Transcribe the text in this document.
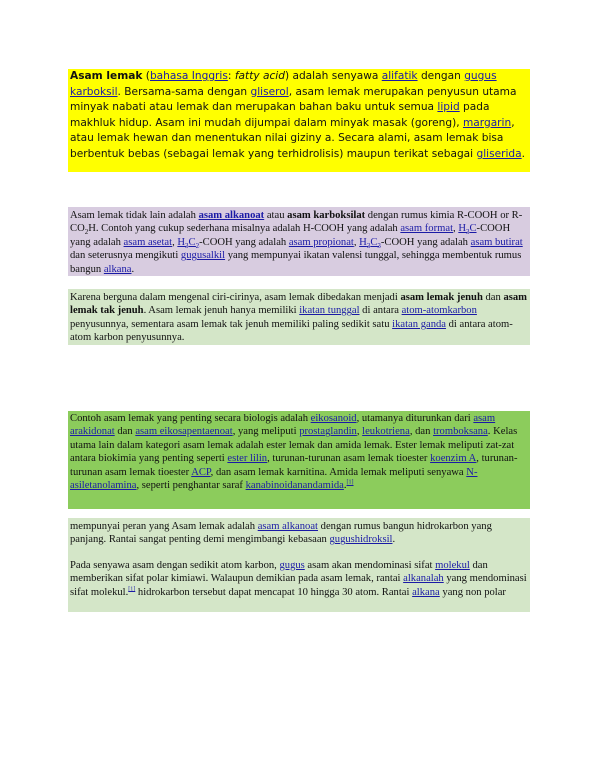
Asam lemak (bahasa Inggris: fatty acid) adalah senyawa alifatik dengan gugus karboksil. Bersama-sama dengan gliserol, asam lemak merupakan penyusun utama minyak nabati atau lemak dan merupakan bahan baku untuk semua lipid pada makhluk hidup. Asam ini mudah dijumpai dalam minyak masak (goreng), margarin, atau lemak hewan dan menentukan nilai giziny a. Secara alami, asam lemak bisa berbentuk bebas (sebagai lemak yang terhidrolisis) maupun terikat sebagai gliserida.
Asam lemak tidak lain adalah asam alkanoat atau asam karboksilat dengan rumus kimia R-COOH or $R-CO_2H$. Contoh yang cukup sederhana misalnya adalah H-COOH yang adalah asam format, $H_3C$-COOH yang adalah asam asetat, $H_3C_2$-COOH yang adalah asam propionat, $H_3C_3$-COOH yang adalah asam butirat dan seterusnya mengikuti gugusalkil yang mempunyai ikatan valensi tunggal, sehingga membentuk rumus bangun alkana.
Karena berguna dalam mengenal ciri-cirinya, asam lemak dibedakan menjadi asam lemak jenuh dan asam lemak tak jenuh. Asam lemak jenuh hanya memiliki ikatan tunggal di antara atom-atomkarbon penyusunnya, sementara asam lemak tak jenuh memiliki paling sedikit satu ikatan ganda di antara atom-atom karbon penyusunnya.
Contoh asam lemak yang penting secara biologis adalah eikosanoid, utamanya diturunkan dari asam arakidonat dan asam eikosapentaenoat, yang meliputi prostaglandin, leukotriena, dan tromboksana. Kelas utama lain dalam kategori asam lemak adalah ester lemak dan amida lemak. Ester lemak meliputi zat-zat antara biokimia yang penting seperti ester lilin, turunan-turunan asam lemak tioester koenzim A, turunan-turunan asam lemak tioester ACP, dan asam lemak karnitina. Amida lemak meliputi senyawa N-asiletanolamina, seperti penghantar saraf kanabinoidanandamida.[1]
mempunyai peran yang Asam lemak adalah asam alkanoat dengan rumus bangun hidrokarbon yang panjang. Rantai sangat penting demi mengimbangi kebasaan gugushidroksil.
Pada senyawa asam dengan sedikit atom karbon, gugus asam akan mendominasi sifat molekul dan memberikan sifat polar kimiawi. Walaupun demikian pada asam lemak, rantai alkanalah yang mendominasi sifat molekul.[1] hidrokarbon tersebut dapat mencapat 10 hingga 30 atom. Rantai alkana yang non polar
